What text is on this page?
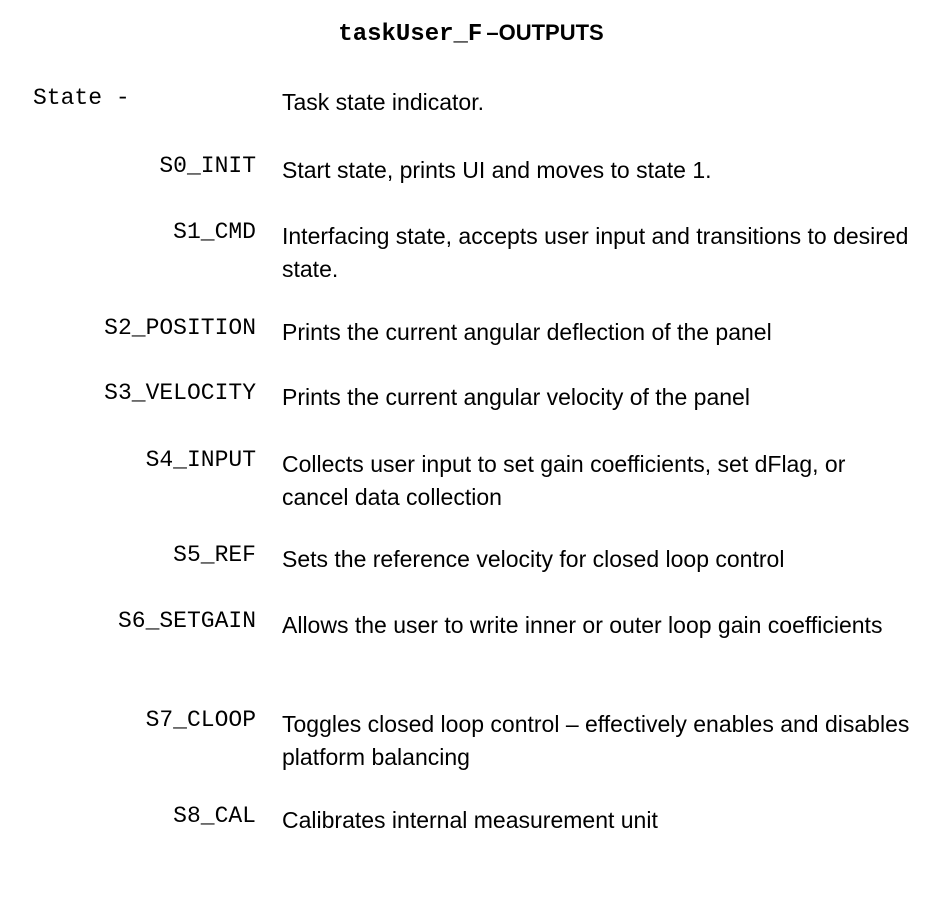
taskUser_F –OUTPUTS
State -	Task state indicator.
S0_INIT Start state, prints UI and moves to state 1.
S1_CMD Interfacing state, accepts user input and transitions to desired state.
S2_POSITION Prints the current angular deflection of the panel
S3_VELOCITY Prints the current angular velocity of the panel
S4_INPUT Collects user input to set gain coefficients, set dFlag, or cancel data collection
S5_REF Sets the reference velocity for closed loop control
S6_SETGAIN Allows the user to write inner or outer loop gain coefficients
S7_CLOOP Toggles closed loop control – effectively enables and disables platform balancing
S8_CAL Calibrates internal measurement unit
